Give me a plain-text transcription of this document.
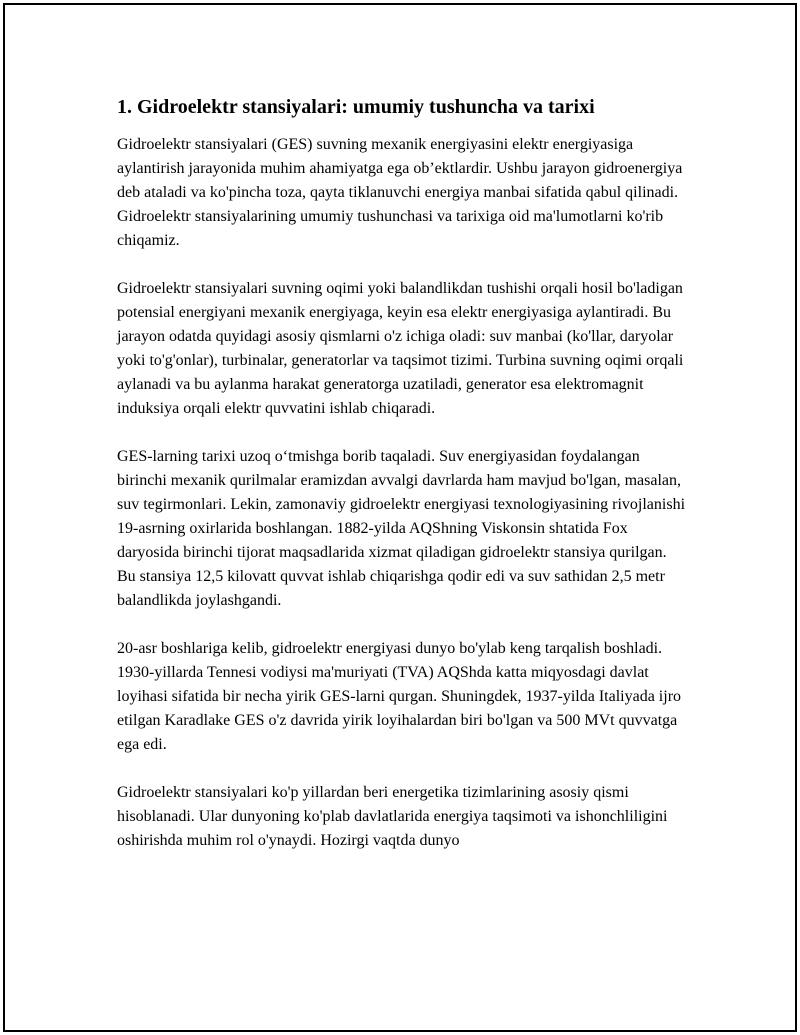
1. Gidroelektr stansiyalari: umumiy tushuncha va tarixi

Gidroelektr stansiyalari (GES) suvning mexanik energiyasini elektr energiyasiga aylantirish jarayonida muhim ahamiyatga ega ob’ektlardir. Ushbu jarayon gidroenergiya deb ataladi va ko'pincha toza, qayta tiklanuvchi energiya manbai sifatida qabul qilinadi. Gidroelektr stansiyalarining umumiy tushunchasi va tarixiga oid ma'lumotlarni ko'rib chiqamiz.

Gidroelektr stansiyalari suvning oqimi yoki balandlikdan tushishi orqali hosil bo'ladigan potensial energiyani mexanik energiyaga, keyin esa elektr energiyasiga aylantiradi. Bu jarayon odatda quyidagi asosiy qismlarni o'z ichiga oladi: suv manbai (ko'llar, daryolar yoki to'g'onlar), turbinalar, generatorlar va taqsimot tizimi. Turbina suvning oqimi orqali aylanadi va bu aylanma harakat generatorga uzatiladi, generator esa elektromagnit induksiya orqali elektr quvvatini ishlab chiqaradi.

GES-larning tarixi uzoq o‘tmishga borib taqaladi. Suv energiyasidan foydalangan birinchi mexanik qurilmalar eramizdan avvalgi davrlarda ham mavjud bo'lgan, masalan, suv tegirmonlari. Lekin, zamonaviy gidroelektr energiyasi texnologiyasining rivojlanishi 19-asrning oxirlarida boshlangan. 1882-yilda AQShning Viskonsin shtatida Fox daryosida birinchi tijorat maqsadlarida xizmat qiladigan gidroelektr stansiya qurilgan. Bu stansiya 12,5 kilovatt quvvat ishlab chiqarishga qodir edi va suv sathidan 2,5 metr balandlikda joylashgandi.

20-asr boshlariga kelib, gidroelektr energiyasi dunyo bo'ylab keng tarqalish boshladi. 1930-yillarda Tennesi vodiysi ma'muriyati (TVA) AQShda katta miqyosdagi davlat loyihasi sifatida bir necha yirik GES-larni qurgan. Shuningdek, 1937-yilda Italiyada ijro etilgan Karadlake GES o'z davrida yirik loyihalardan biri bo'lgan va 500 MVt quvvatga ega edi.

Gidroelektr stansiyalari ko'p yillardan beri energetika tizimlarining asosiy qismi hisoblanadi. Ular dunyoning ko'plab davlatlarida energiya taqsimoti va ishonchliligini oshirishda muhim rol o'ynaydi. Hozirgi vaqtda dunyo
